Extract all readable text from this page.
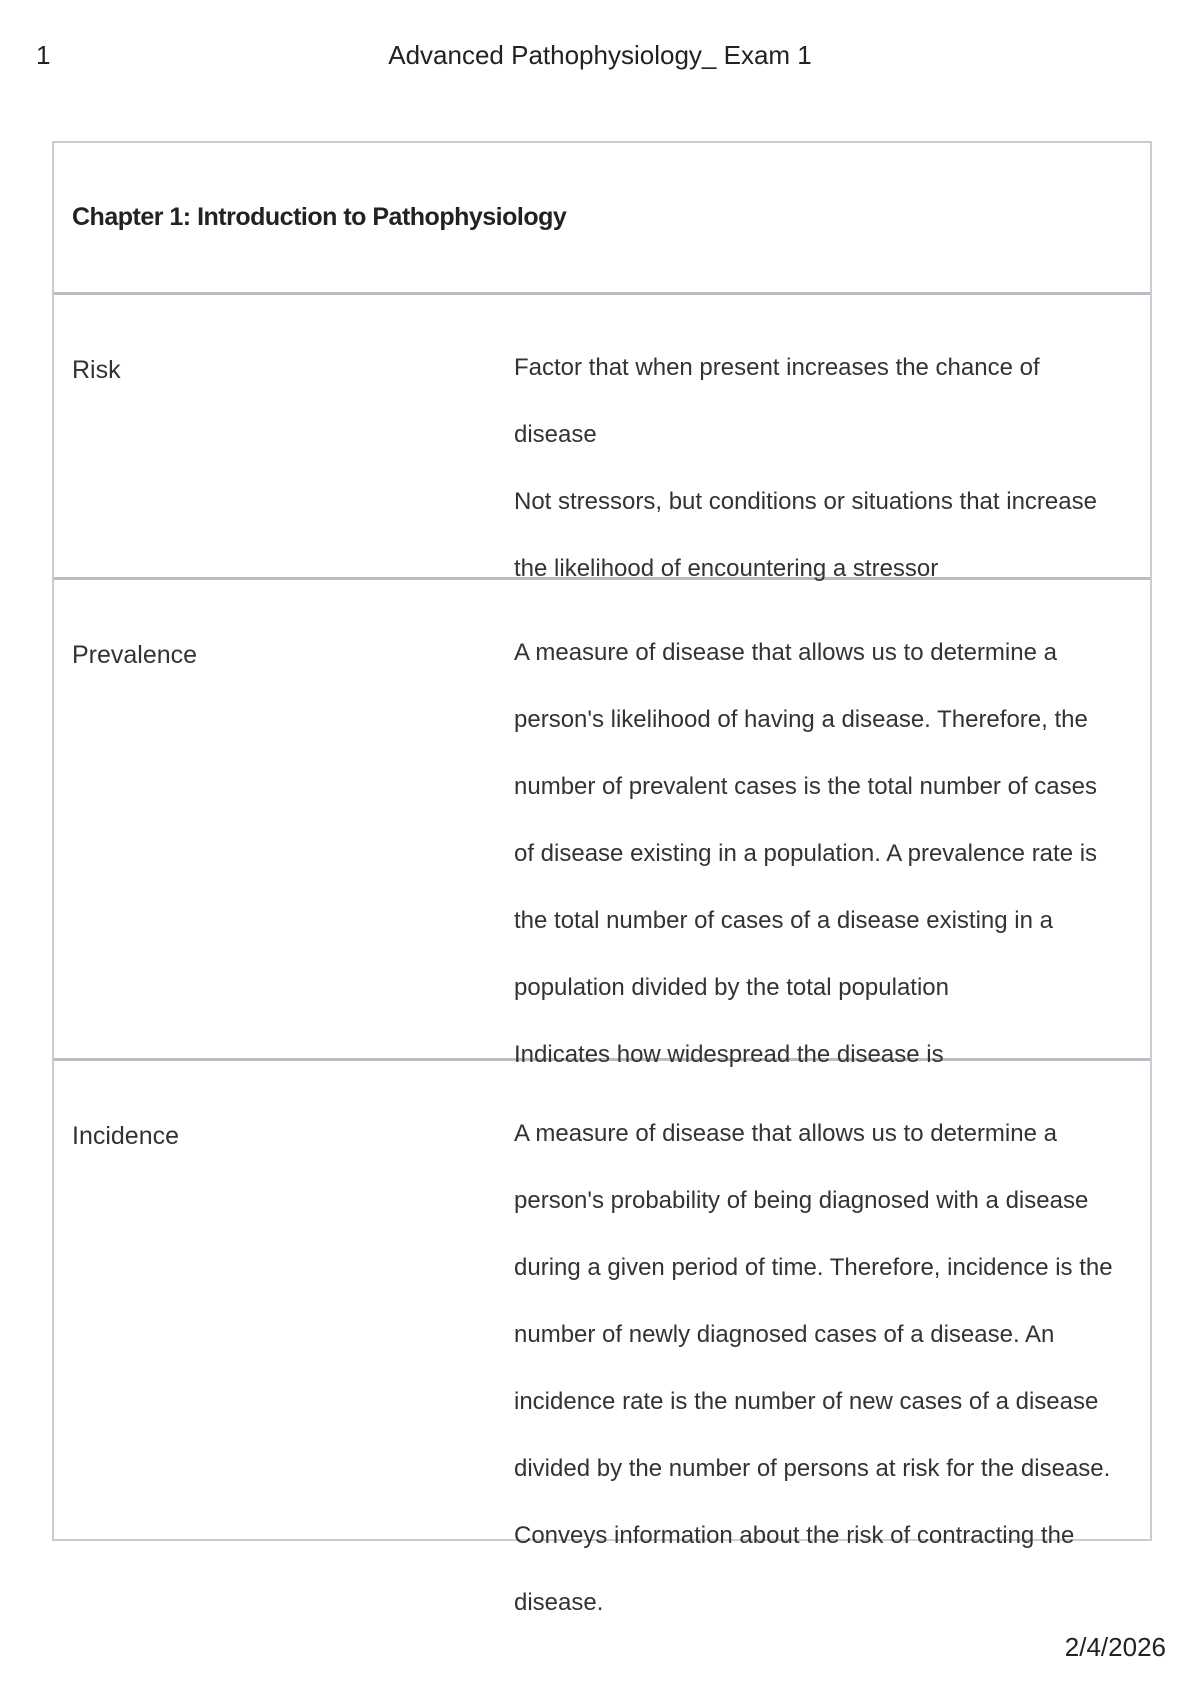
1	Advanced Pathophysiology_ Exam 1
Chapter 1: Introduction to Pathophysiology
Risk	Factor that when present increases the chance of disease

Not stressors, but conditions or situations that increase the likelihood of encountering a stressor

Prevalence	A measure of disease that allows us to determine a person's likelihood of having a disease. Therefore, the number of prevalent cases is the total number of cases of disease existing in a population. A prevalence rate is the total number of cases of a disease existing in a population divided by the total population

Indicates how widespread the disease is

Incidence	A measure of disease that allows us to determine a person's probability of being diagnosed with a disease during a given period of time. Therefore, incidence is the number of newly diagnosed cases of a disease. An incidence rate is the number of new cases of a disease divided by the number of persons at risk for the disease.

Conveys information about the risk of contracting the disease.

2/4/2026
